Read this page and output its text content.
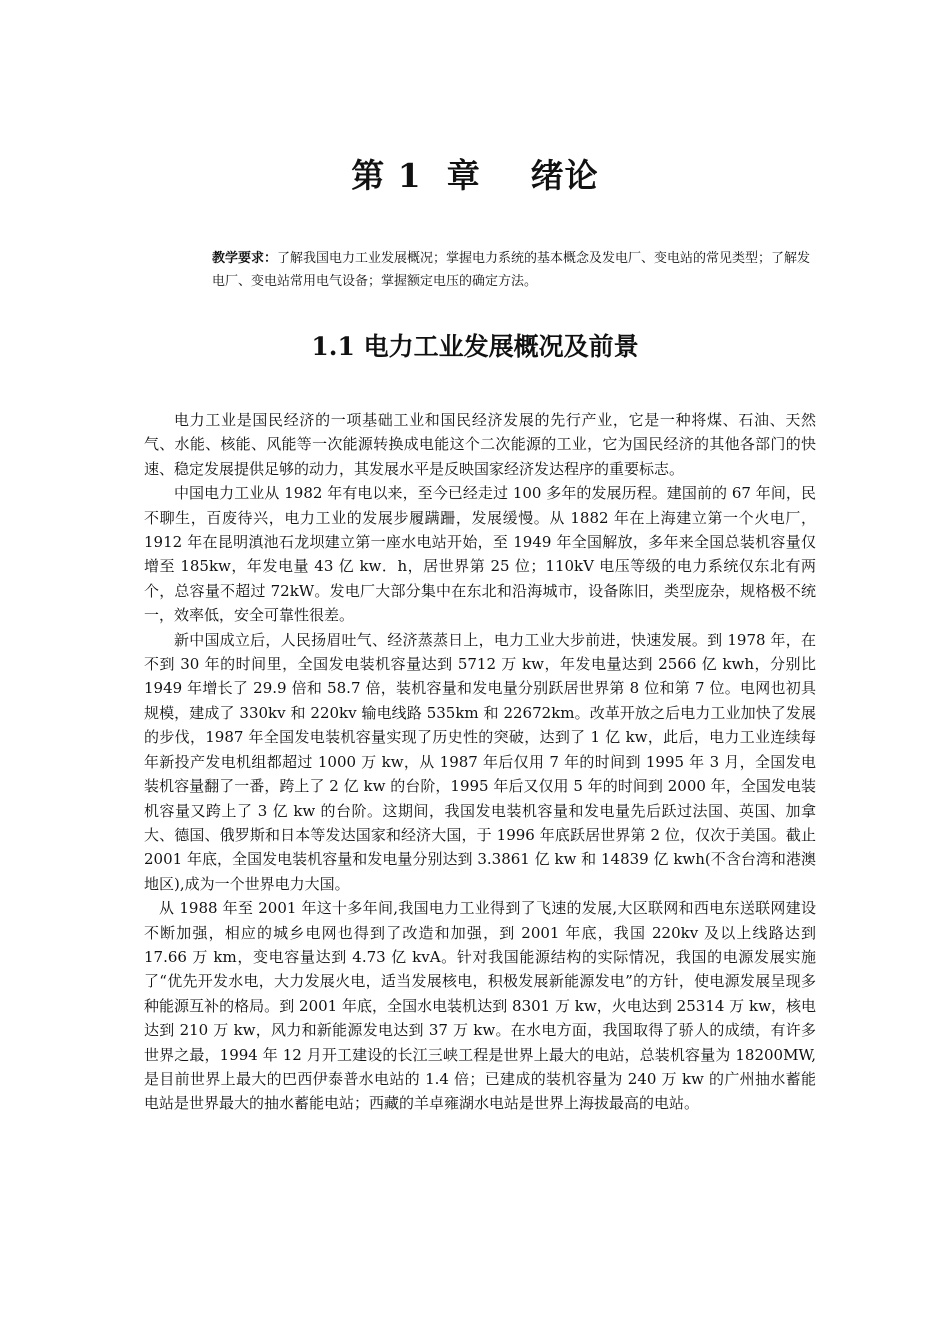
第 1  章    绪论
教学要求：了解我国电力工业发展概况；掌握电力系统的基本概念及发电厂、变电站的常见类型；了解发电厂、变电站常用电气设备；掌握额定电压的确定方法。
1.1 电力工业发展概况及前景

电力工业是国民经济的一项基础工业和国民经济发展的先行产业，它是一种将煤、石油、天然气、水能、核能、风能等一次能源转换成电能这个二次能源的工业，它为国民经济的其他各部门的快速、稳定发展提供足够的动力，其发展水平是反映国家经济发达程序的重要标志。

中国电力工业从 1982 年有电以来，至今已经走过 100 多年的发展历程。建国前的 67 年间，民不聊生，百废待兴，电力工业的发展步履蹒跚，发展缓慢。从 1882 年在上海建立第一个火电厂，1912 年在昆明滇池石龙坝建立第一座水电站开始，至 1949 年全国解放，多年来全国总装机容量仅增至 185kw，年发电量 43 亿 kw．h，居世界第 25 位；110kV 电压等级的电力系统仅东北有两个，总容量不超过 72kW。发电厂大部分集中在东北和沿海城市，设备陈旧，类型庞杂，规格极不统一，效率低，安全可靠性很差。

新中国成立后，人民扬眉吐气、经济蒸蒸日上，电力工业大步前进，快速发展。到 1978 年，在不到 30 年的时间里，全国发电装机容量达到 5712 万 kw，年发电量达到 2566 亿 kwh，分别比 1949 年增长了 29.9 倍和 58.7 倍，装机容量和发电量分别跃居世界第 8 位和第 7 位。电网也初具规模，建成了 330kv 和 220kv 输电线路 535km 和 22672km。改革开放之后电力工业加快了发展的步伐，1987 年全国发电装机容量实现了历史性的突破，达到了 1 亿 kw，此后，电力工业连续每年新投产发电机组都超过 1000 万 kw，从 1987 年后仅用 7 年的时间到 1995 年 3 月，全国发电装机容量翻了一番，跨上了 2 亿 kw 的台阶，1995 年后又仅用 5 年的时间到 2000 年，全国发电装机容量又跨上了 3 亿 kw 的台阶。这期间，我国发电装机容量和发电量先后跃过法国、英国、加拿大、德国、俄罗斯和日本等发达国家和经济大国，于 1996 年底跃居世界第 2 位，仅次于美国。截止 2001 年底，全国发电装机容量和发电量分别达到 3.3861 亿 kw 和 14839 亿 kwh(不含台湾和港澳地区),成为一个世界电力大国。

从 1988 年至 2001 年这十多年间,我国电力工业得到了飞速的发展,大区联网和西电东送联网建设不断加强，相应的城乡电网也得到了改造和加强，到 2001 年底，我国 220kv 及以上线路达到 17.66 万 km，变电容量达到 4.73 亿 kvA。针对我国能源结构的实际情况，我国的电源发展实施了“优先开发水电，大力发展火电，适当发展核电，积极发展新能源发电”的方针，使电源发展呈现多种能源互补的格局。到 2001 年底，全国水电装机达到 8301 万 kw，火电达到 25314 万 kw，核电达到 210 万 kw，风力和新能源发电达到 37 万 kw。在水电方面，我国取得了骄人的成绩，有许多世界之最，1994 年 12 月开工建设的长江三峡工程是世界上最大的电站，总装机容量为 18200MW,是目前世界上最大的巴西伊泰普水电站的 1.4 倍；已建成的装机容量为 240 万 kw 的广州抽水蓄能电站是世界最大的抽水蓄能电站；西藏的羊卓雍湖水电站是世界上海拔最高的电站。
